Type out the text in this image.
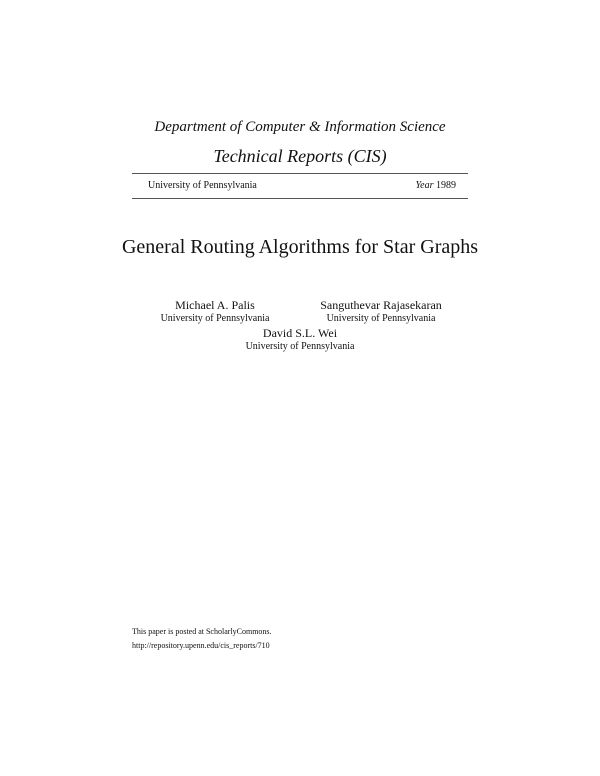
Department of Computer & Information Science
Technical Reports (CIS)
University of Pennsylvania	Year 1989
General Routing Algorithms for Star Graphs
Michael A. Palis
University of Pennsylvania
Sanguthevar Rajasekaran
University of Pennsylvania
David S.L. Wei
University of Pennsylvania
This paper is posted at ScholarlyCommons.
http://repository.upenn.edu/cis_reports/710
